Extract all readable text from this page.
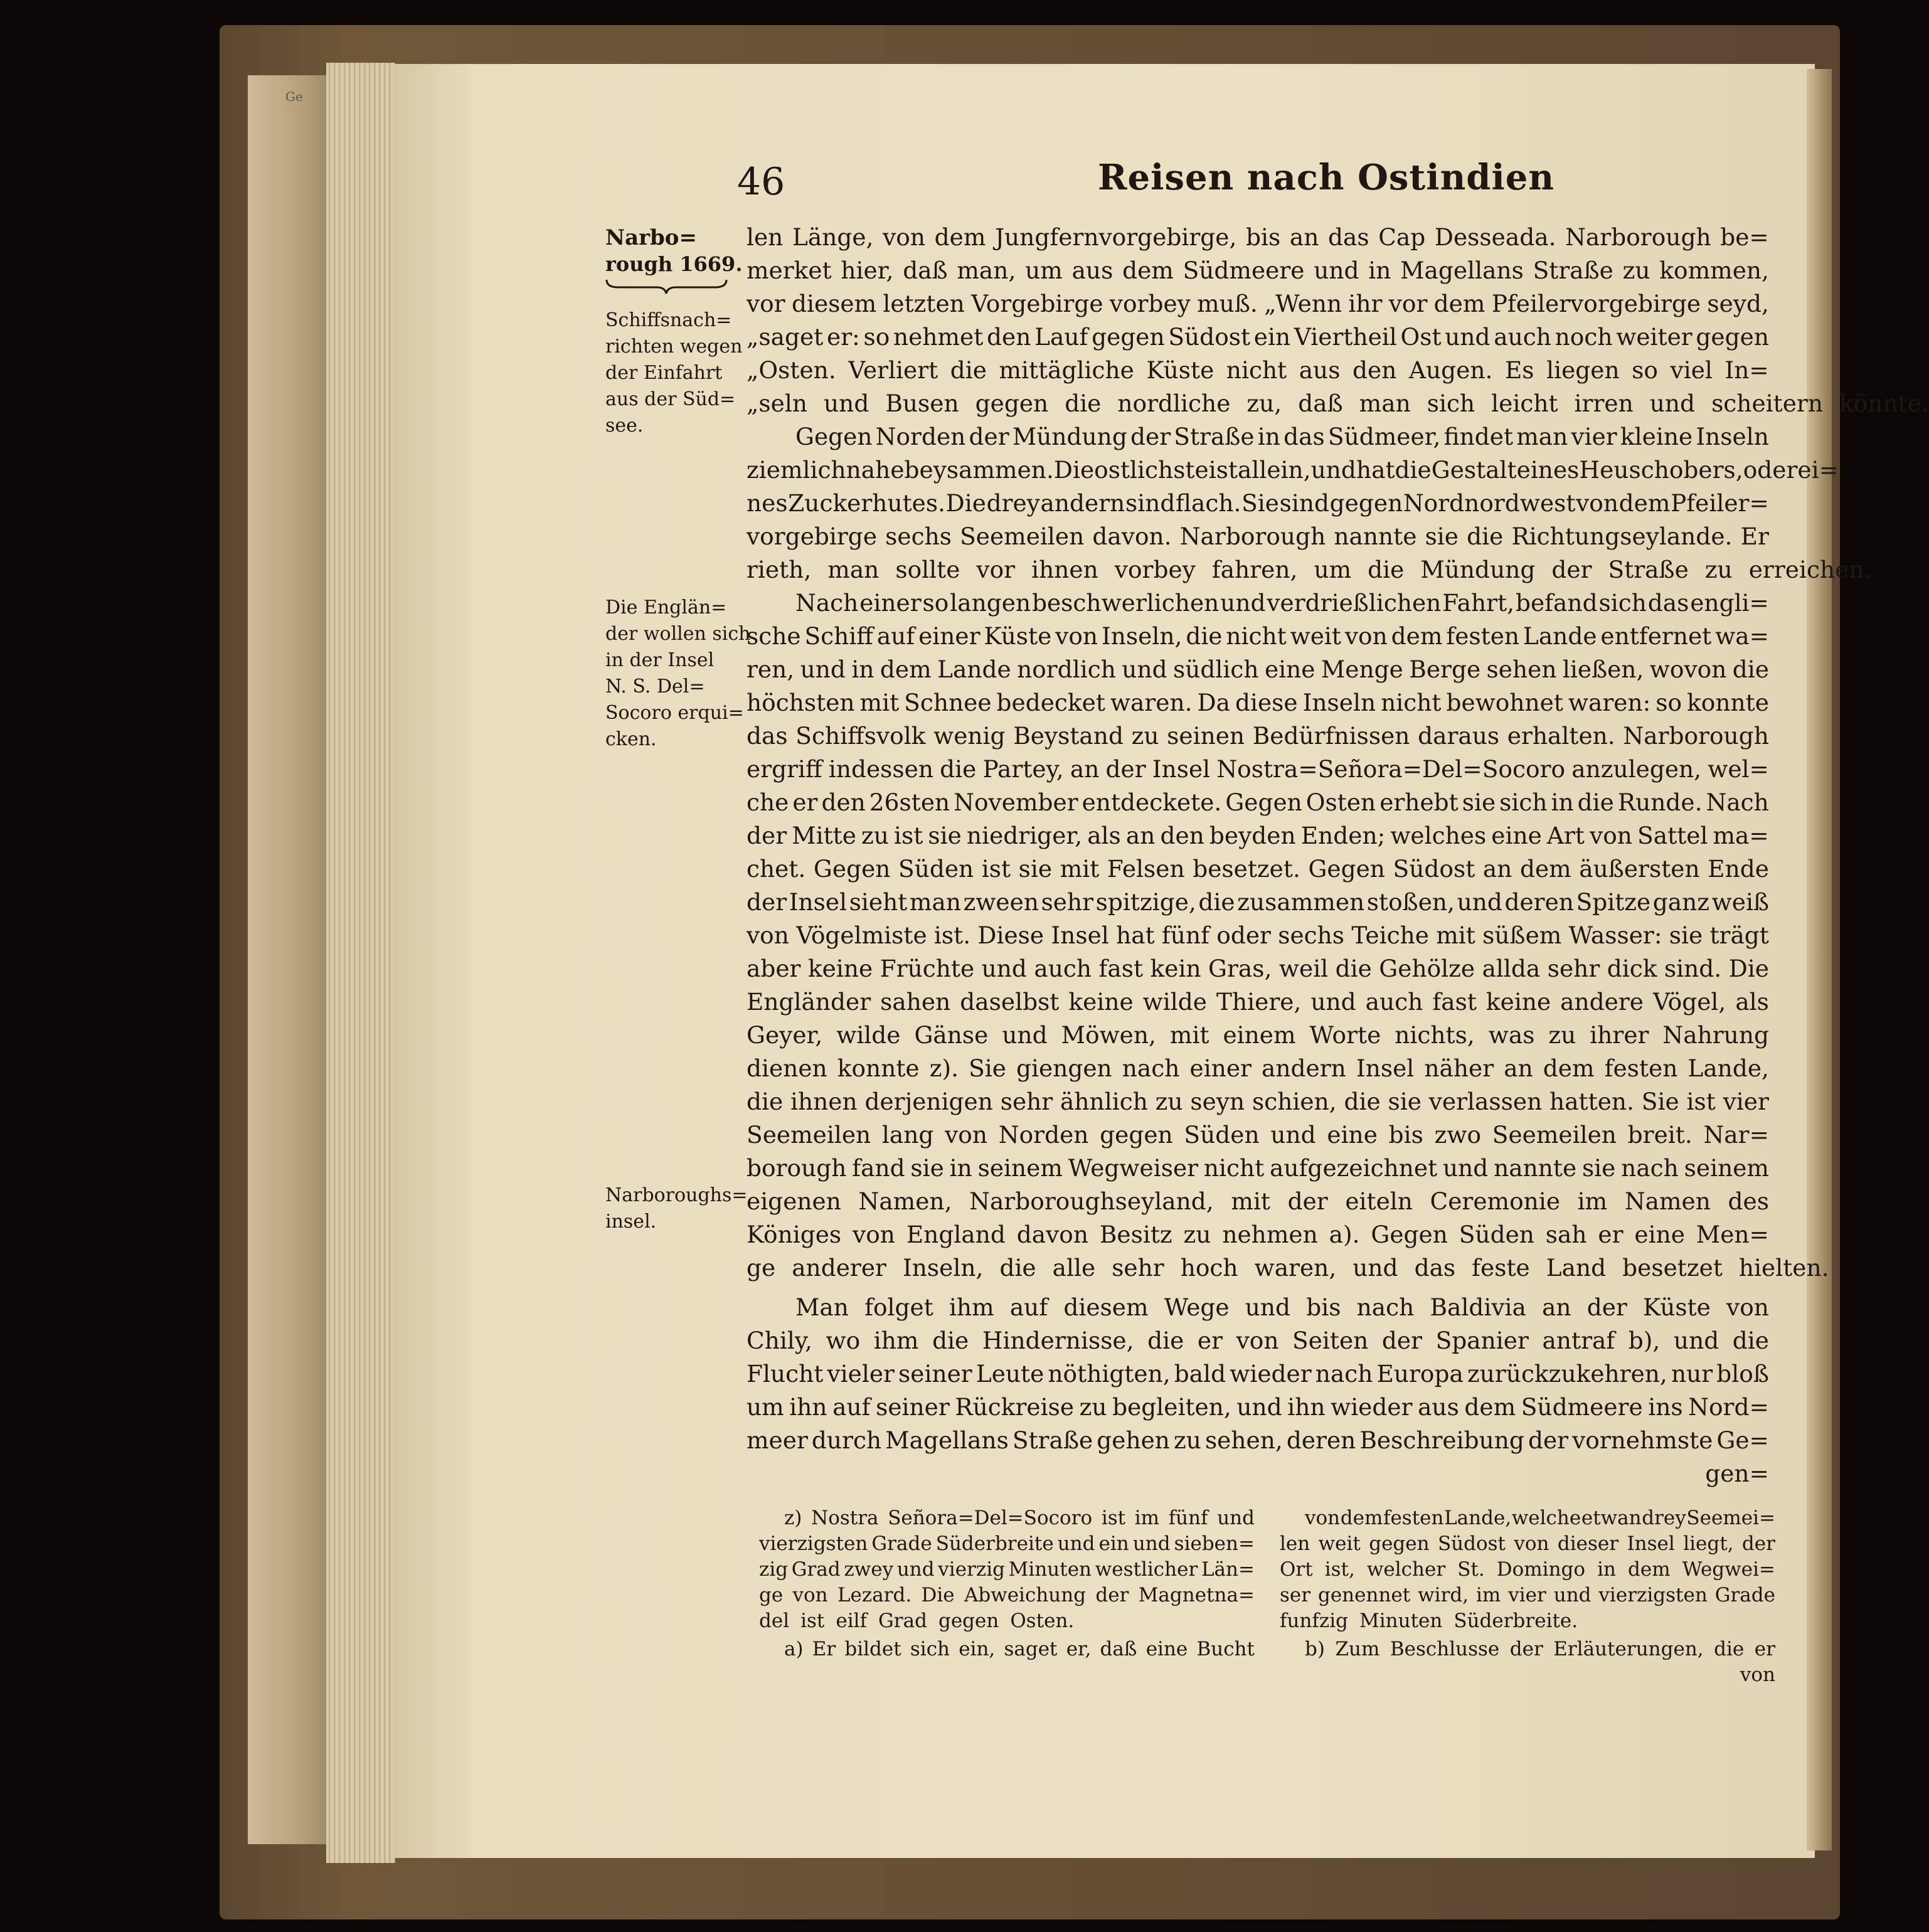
Ge
46	Reisen nach Ostindien
Narbo=
rough 1669.
Schiffsnach=
richten wegen
der Einfahrt
aus der Süd=
see.
Die Englän=
der wollen sich
in der Insel
N. S. Del=
Socoro erqui=
cken.
Narboroughs=
insel.
len Länge, von dem Jungfernvorgebirge, bis an das Cap Desseada. Narborough be=
merket hier, daß man, um aus dem Südmeere und in Magellans Straße zu kommen,
vor diesem letzten Vorgebirge vorbey muß. „Wenn ihr vor dem Pfeilervorgebirge seyd,
„saget er: so nehmet den Lauf gegen Südost ein Viertheil Ost und auch noch weiter gegen
„Osten. Verliert die mittägliche Küste nicht aus den Augen. Es liegen so viel In=
„seln und Busen gegen die nordliche zu, daß man sich leicht irren und scheitern könnte.
Gegen Norden der Mündung der Straße in das Südmeer, findet man vier kleine Inseln
ziemlich nahe beysammen. Die ostlichste ist allein, und hat die Gestalt eines Heuschobers, oder ei=
nes Zuckerhutes. Die drey andern sind flach. Sie sind gegen Nordnordwest von dem Pfeiler=
vorgebirge sechs Seemeilen davon. Narborough nannte sie die Richtungseylande. Er
rieth, man sollte vor ihnen vorbey fahren, um die Mündung der Straße zu erreichen.
Nach einer so langen beschwerlichen und verdrießlichen Fahrt, befand sich das engli=
sche Schiff auf einer Küste von Inseln, die nicht weit von dem festen Lande entfernet wa=
ren, und in dem Lande nordlich und südlich eine Menge Berge sehen ließen, wovon die
höchsten mit Schnee bedecket waren. Da diese Inseln nicht bewohnet waren: so konnte
das Schiffsvolk wenig Beystand zu seinen Bedürfnissen daraus erhalten. Narborough
ergriff indessen die Partey, an der Insel Nostra=Señora=Del=Socoro anzulegen, wel=
che er den 26sten November entdeckete. Gegen Osten erhebt sie sich in die Runde. Nach
der Mitte zu ist sie niedriger, als an den beyden Enden; welches eine Art von Sattel ma=
chet. Gegen Süden ist sie mit Felsen besetzet. Gegen Südost an dem äußersten Ende
der Insel sieht man zween sehr spitzige, die zusammen stoßen, und deren Spitze ganz weiß
von Vögelmiste ist. Diese Insel hat fünf oder sechs Teiche mit süßem Wasser: sie trägt
aber keine Früchte und auch fast kein Gras, weil die Gehölze allda sehr dick sind. Die
Engländer sahen daselbst keine wilde Thiere, und auch fast keine andere Vögel, als
Geyer, wilde Gänse und Möwen, mit einem Worte nichts, was zu ihrer Nahrung
dienen konnte z). Sie giengen nach einer andern Insel näher an dem festen Lande,
die ihnen derjenigen sehr ähnlich zu seyn schien, die sie verlassen hatten. Sie ist vier
Seemeilen lang von Norden gegen Süden und eine bis zwo Seemeilen breit. Nar=
borough fand sie in seinem Wegweiser nicht aufgezeichnet und nannte sie nach seinem
eigenen Namen, Narboroughseyland, mit der eiteln Ceremonie im Namen des
Königes von England davon Besitz zu nehmen a). Gegen Süden sah er eine Men=
ge anderer Inseln, die alle sehr hoch waren, und das feste Land besetzet hielten.
Man folget ihm auf diesem Wege und bis nach Baldivia an der Küste von
Chily, wo ihm die Hindernisse, die er von Seiten der Spanier antraf b), und die
Flucht vieler seiner Leute nöthigten, bald wieder nach Europa zurückzukehren, nur bloß
um ihn auf seiner Rückreise zu begleiten, und ihn wieder aus dem Südmeere ins Nord=
meer durch Magellans Straße gehen zu sehen, deren Beschreibung der vornehmste Ge=
gen=
z) Nostra Señora=Del=Socoro ist im fünf und
vierzigsten Grade Süderbreite und ein und sieben=
zig Grad zwey und vierzig Minuten westlicher Län=
ge von Lezard. Die Abweichung der Magnetna=
del ist eilf Grad gegen Osten.
a) Er bildet sich ein, saget er, daß eine Bucht
von dem festen Lande, welche etwan drey Seemei=
len weit gegen Südost von dieser Insel liegt, der
Ort ist, welcher St. Domingo in dem Wegwei=
ser genennet wird, im vier und vierzigsten Grade
funfzig Minuten Süderbreite.
b) Zum Beschlusse der Erläuterungen, die er
von
